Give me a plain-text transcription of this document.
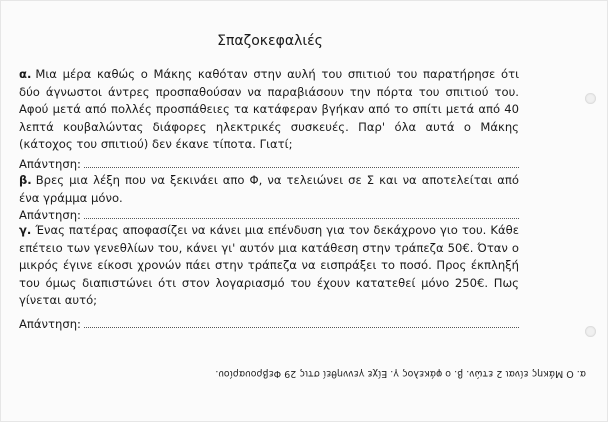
Σπαζοκεφαλιές
α. Μια μέρα καθώς ο Μάκης καθόταν στην αυλή του σπιτιού του παρατήρησε ότι δύο άγνωστοι άντρες προσπαθούσαν να παραβιάσουν την πόρτα του σπιτιού του. Αφού μετά από πολλές προσπάθειες τα κατάφεραν βγήκαν από το σπίτι μετά από 40 λεπτά κουβαλώντας διάφορες ηλεκτρικές συσκευές. Παρ' όλα αυτά ο Μάκης (κάτοχος του σπιτιού) δεν έκανε τίποτα. Γιατί;
Απάντηση:
β. Βρες μια λέξη που να ξεκινάει απο Φ, να τελειώνει σε Σ και να αποτελείται από ένα γράμμα μόνο.
Απάντηση:
γ. Ένας πατέρας αποφασίζει να κάνει μια επένδυση για τον δεκάχρονο γιο του. Κάθε επέτειο των γενεθλίων του, κάνει γι' αυτόν μια κατάθεση στην τράπεζα 50€. Όταν ο μικρός έγινε είκοσι χρονών πάει στην τράπεζα να εισπράξει το ποσό. Προς έκπληξή του όμως διαπιστώνει ότι στον λογαριασμό του έχουν κατατεθεί μόνο 250€. Πως γίνεται αυτό;
Απάντηση:
α. Ο Μάκης είναι 2 ετών. β. ο φάκελος γ. Είχε γεννηθεί στις 29 Φεβρουαρίου.
